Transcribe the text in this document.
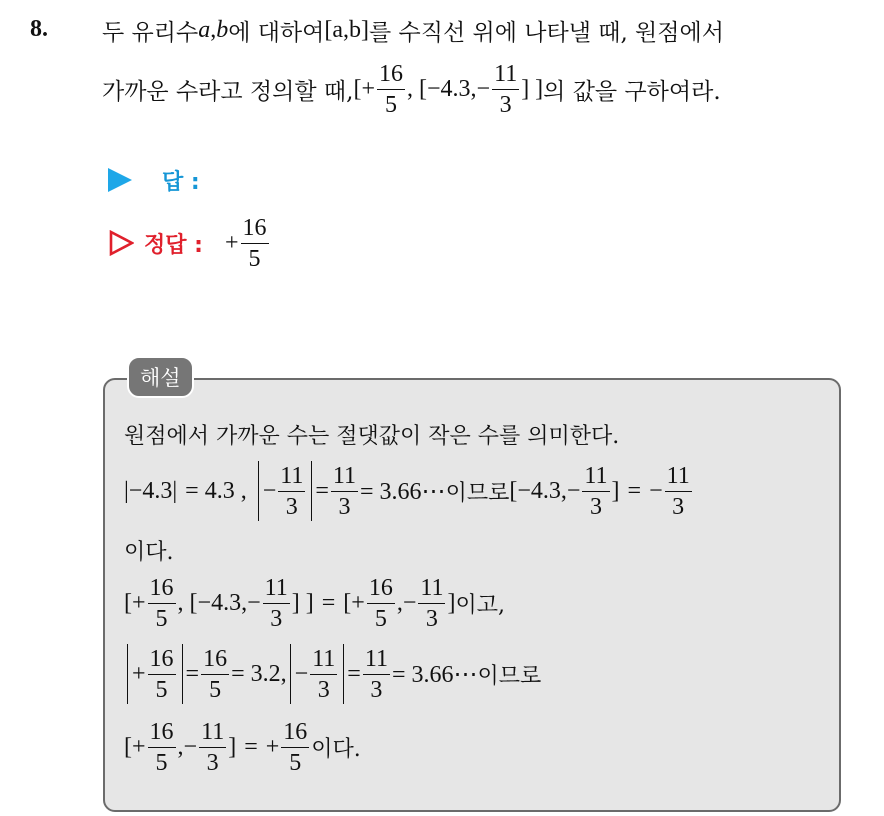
8. 두 유리수 a , b 에 대하여 [a,b] 를 수직선 위에 나타낼 때, 원점에서
가까운 수라고 정의할 때, [ + $\frac{16}{5}$ , [ −4.3 , − $\frac{11}{3}$ ] ] 의 값을 구하여라.
답 :
정답 : + $\frac{16}{5}$
해설
원점에서 가까운 수는 절댓값이 작은 수를 의미한다.
|−4.3| = 4.3 , − $\frac{11}{3} = \frac{11}{3}$ = 3.66⋯ 이므로 [ −4.3 , − $\frac{11}{3}$ ] = − $\frac{11}{3}$
이다.
[ + $\frac{16}{5}$ , [ −4.3 , − $\frac{11}{3}$ ] ] = [ + $\frac{16}{5}$ , − $\frac{11}{3}$ ] 이고,
+ $\frac{16}{5} = \frac{16}{5} = 3.2$, − $\frac{11}{3} = \frac{11}{3}$ = 3.66⋯ 이므로
[ + $\frac{16}{5}$ , − $\frac{11}{3}$ ] = + $\frac{16}{5}$ 이다.
